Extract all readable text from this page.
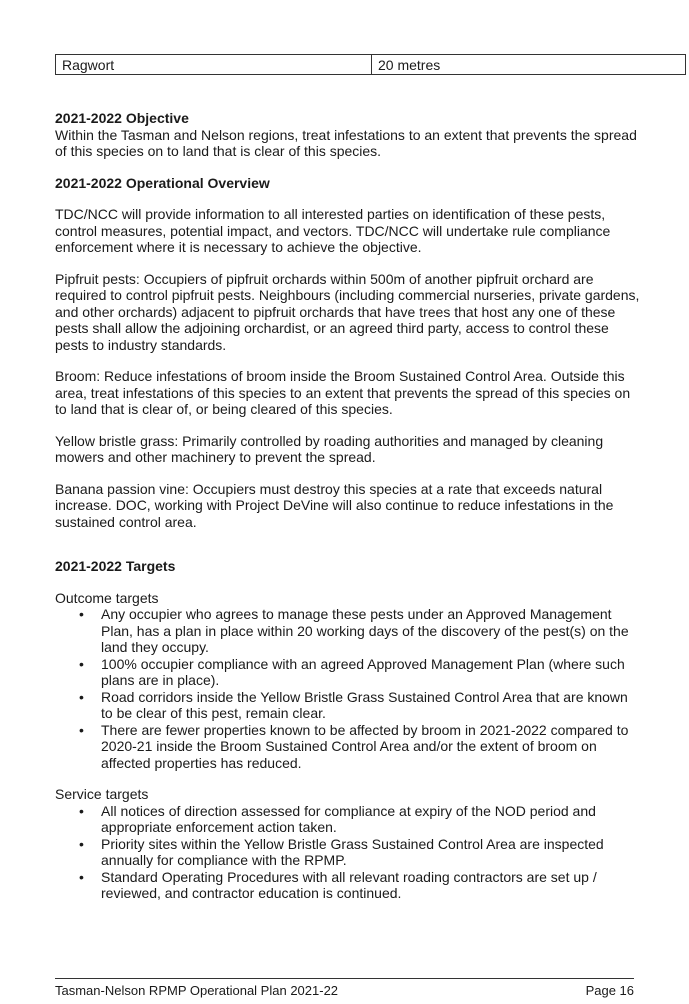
Ragwort	20 metres
2021-2022 Objective

Within the Tasman and Nelson regions, treat infestations to an extent that prevents the spread of this species on to land that is clear of this species.

2021-2022 Operational Overview

TDC/NCC will provide information to all interested parties on identification of these pests, control measures, potential impact, and vectors. TDC/NCC will undertake rule compliance enforcement where it is necessary to achieve the objective.

Pipfruit pests: Occupiers of pipfruit orchards within 500m of another pipfruit orchard are required to control pipfruit pests. Neighbours (including commercial nurseries, private gardens, and other orchards) adjacent to pipfruit orchards that have trees that host any one of these pests shall allow the adjoining orchardist, or an agreed third party, access to control these pests to industry standards.

Broom: Reduce infestations of broom inside the Broom Sustained Control Area. Outside this area, treat infestations of this species to an extent that prevents the spread of this species on to land that is clear of, or being cleared of this species.

Yellow bristle grass: Primarily controlled by roading authorities and managed by cleaning mowers and other machinery to prevent the spread.

Banana passion vine: Occupiers must destroy this species at a rate that exceeds natural increase. DOC, working with Project DeVine will also continue to reduce infestations in the sustained control area.

2021-2022 Targets

Outcome targets

• Any occupier who agrees to manage these pests under an Approved Management Plan, has a plan in place within 20 working days of the discovery of the pest(s) on the land they occupy.
• 100% occupier compliance with an agreed Approved Management Plan (where such plans are in place).
• Road corridors inside the Yellow Bristle Grass Sustained Control Area that are known to be clear of this pest, remain clear.
• There are fewer properties known to be affected by broom in 2021-2022 compared to 2020-21 inside the Broom Sustained Control Area and/or the extent of broom on affected properties has reduced.

Service targets

• All notices of direction assessed for compliance at expiry of the NOD period and appropriate enforcement action taken.
• Priority sites within the Yellow Bristle Grass Sustained Control Area are inspected annually for compliance with the RPMP.
• Standard Operating Procedures with all relevant roading contractors are set up / reviewed, and contractor education is continued.
Tasman-Nelson RPMP Operational Plan 2021-22	Page 16
